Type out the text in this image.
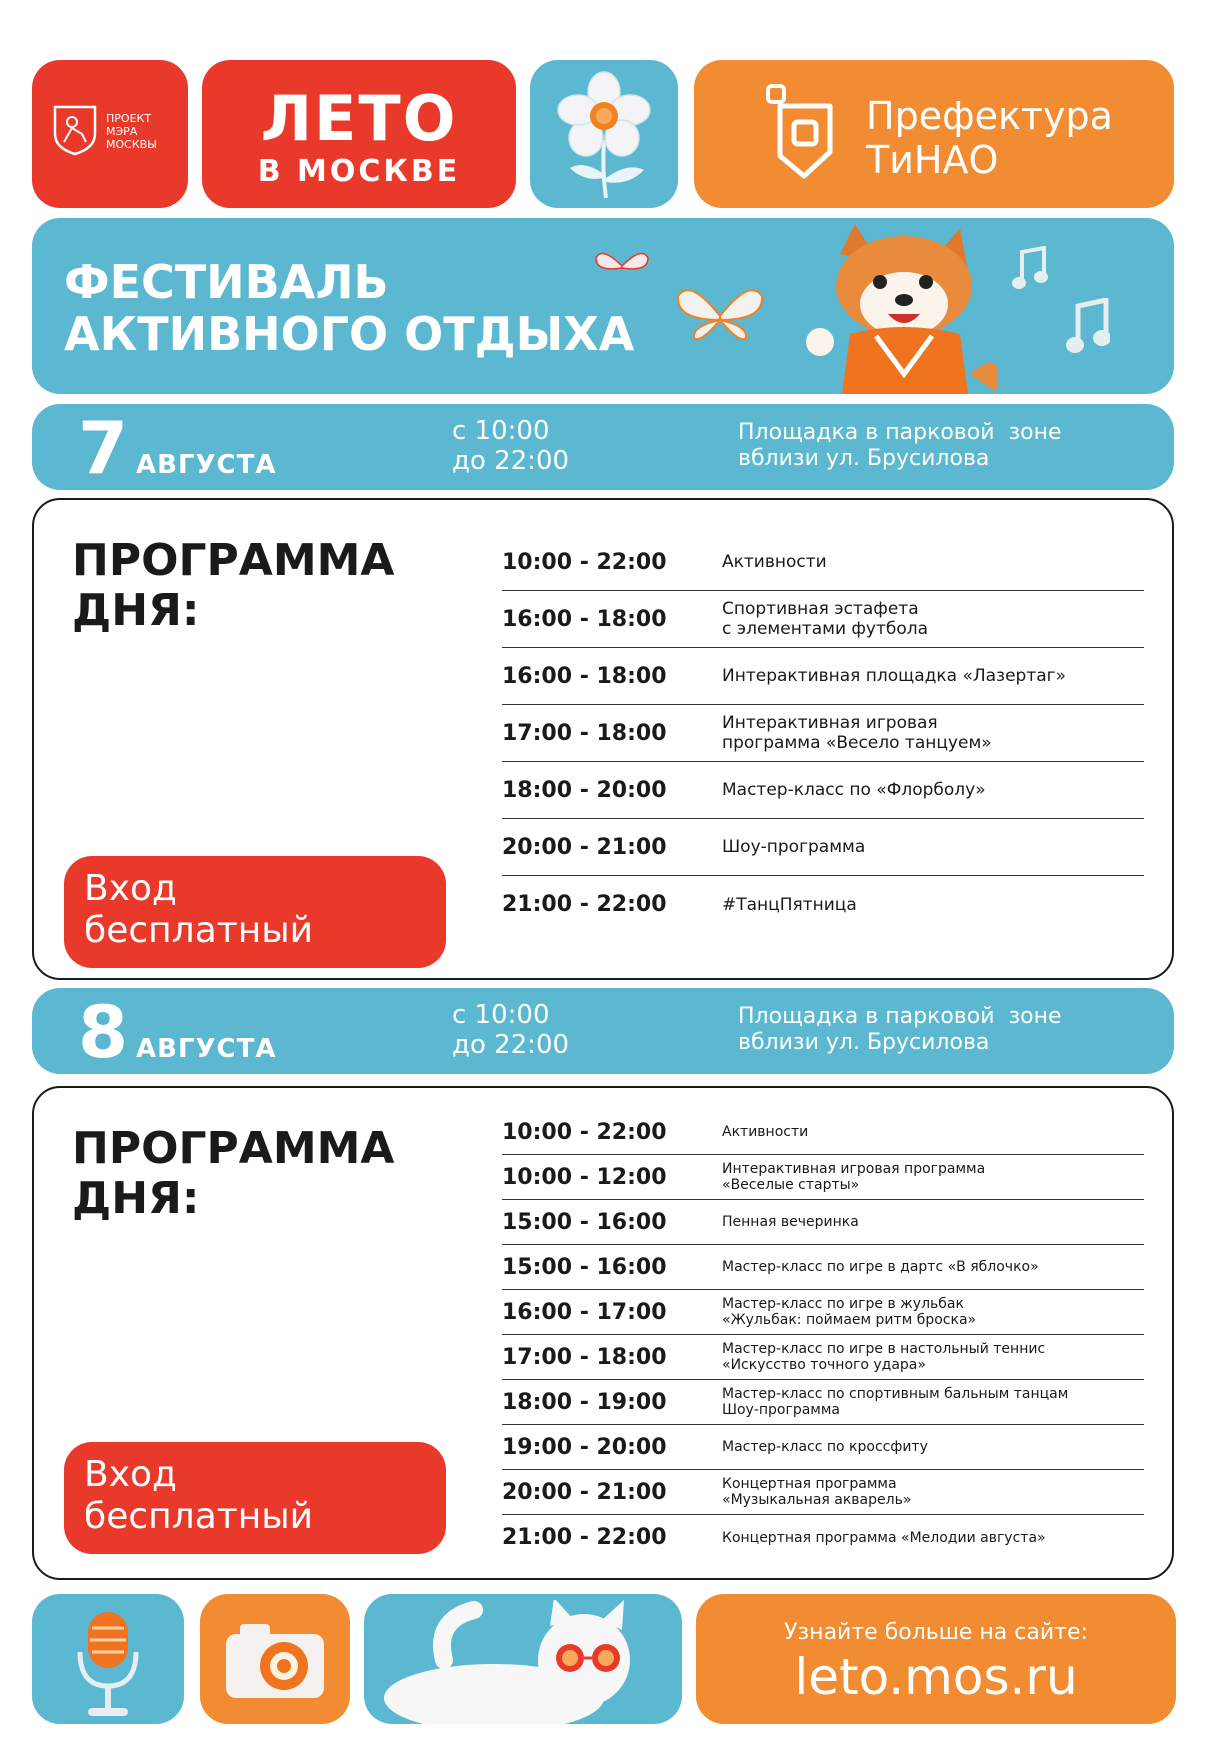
ПРОЕКТ
МЭРА
МОСКВЫ	ЛЕТО
В МОСКВЕ
Префектура
ТиНАО
ФЕСТИВАЛЬ
АКТИВНОГО ОТДЫХА
7 АВГУСТА
с 10:00
до 22:00
Площадка в парковой  зоне
вблизи ул. Брусилова
ПРОГРАММА
ДНЯ:
Вход
бесплатный
10:00 - 22:00	Активности
16:00 - 18:00	Спортивная эстафета
с элементами футбола
16:00 - 18:00	Интерактивная площадка «Лазертаг»
17:00 - 18:00	Интерактивная игровая
программа «Весело танцуем»
18:00 - 20:00	Мастер-класс по «Флорболу»
20:00 - 21:00	Шоу-программа
21:00 - 22:00	#ТанцПятница
8 АВГУСТА
с 10:00
до 22:00
Площадка в парковой  зоне
вблизи ул. Брусилова
ПРОГРАММА
ДНЯ:
Вход
бесплатный
10:00 - 22:00	Активности
10:00 - 12:00	Интерактивная игровая программа
«Веселые старты»
15:00 - 16:00	Пенная вечеринка
15:00 - 16:00	Мастер-класс по игре в дартс «В яблочко»
16:00 - 17:00	Мастер-класс по игре в жульбак
«Жульбак: поймаем ритм броска»
17:00 - 18:00	Мастер-класс по игре в настольный теннис
«Искусство точного удара»
18:00 - 19:00	Мастер-класс по спортивным бальным танцам
Шоу-программа
19:00 - 20:00	Мастер-класс по кроссфиту
20:00 - 21:00	Концертная программа
«Музыкальная акварель»
21:00 - 22:00	Концертная программа «Мелодии августа»
Узнайте больше на сайте:
leto.mos.ru
